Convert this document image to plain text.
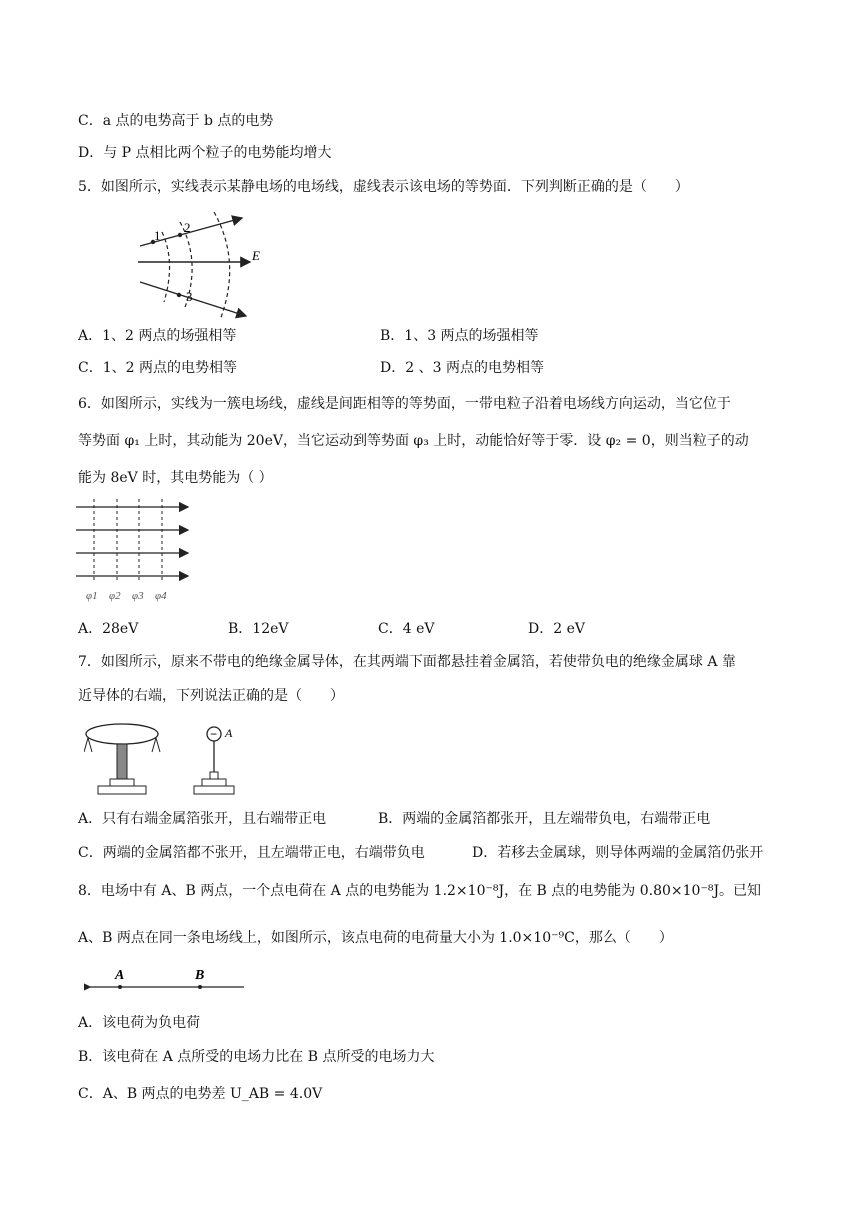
C．a 点的电势高于 b 点的电势
D．与 P 点相比两个粒子的电势能均增大
5．如图所示，实线表示某静电场的电场线，虚线表示该电场的等势面．下列判断正确的是（　　）
1
2
3
E
A．1、2 两点的场强相等	B．1、3 两点的场强相等
C．1、2 两点的电势相等	D．2 、3 两点的电势相等
6．如图所示，实线为一簇电场线，虚线是间距相等的等势面，一带电粒子沿着电场线方向运动，当它位于
等势面 φ₁ 上时，其动能为 20eV，当它运动到等势面 φ₃ 上时，动能恰好等于零．设 φ₂ = 0，则当粒子的动
能为 8eV 时，其电势能为（ ）
φ1 φ2 φ3 φ4
A．28eV	B．12eV	C．4 eV	D．2 eV
7．如图所示，原来不带电的绝缘金属导体，在其两端下面都悬挂着金属箔，若使带负电的绝缘金属球 A 靠
近导体的右端，下列说法正确的是（　　）
− A
A．只有右端金属箔张开，且右端带正电	B．两端的金属箔都张开，且左端带负电，右端带正电
C．两端的金属箔都不张开，且左端带正电，右端带负电	D．若移去金属球，则导体两端的金属箔仍张开
8．电场中有 A、B 两点，一个点电荷在 A 点的电势能为 1.2×10⁻⁸J，在 B 点的电势能为 0.80×10⁻⁸J。已知
A、B 两点在同一条电场线上，如图所示，该点电荷的电荷量大小为 1.0×10⁻⁹C，那么（　　）
A	B
A．该电荷为负电荷
B．该电荷在 A 点所受的电场力比在 B 点所受的电场力大
C．A、B 两点的电势差 U_AB = 4.0V
